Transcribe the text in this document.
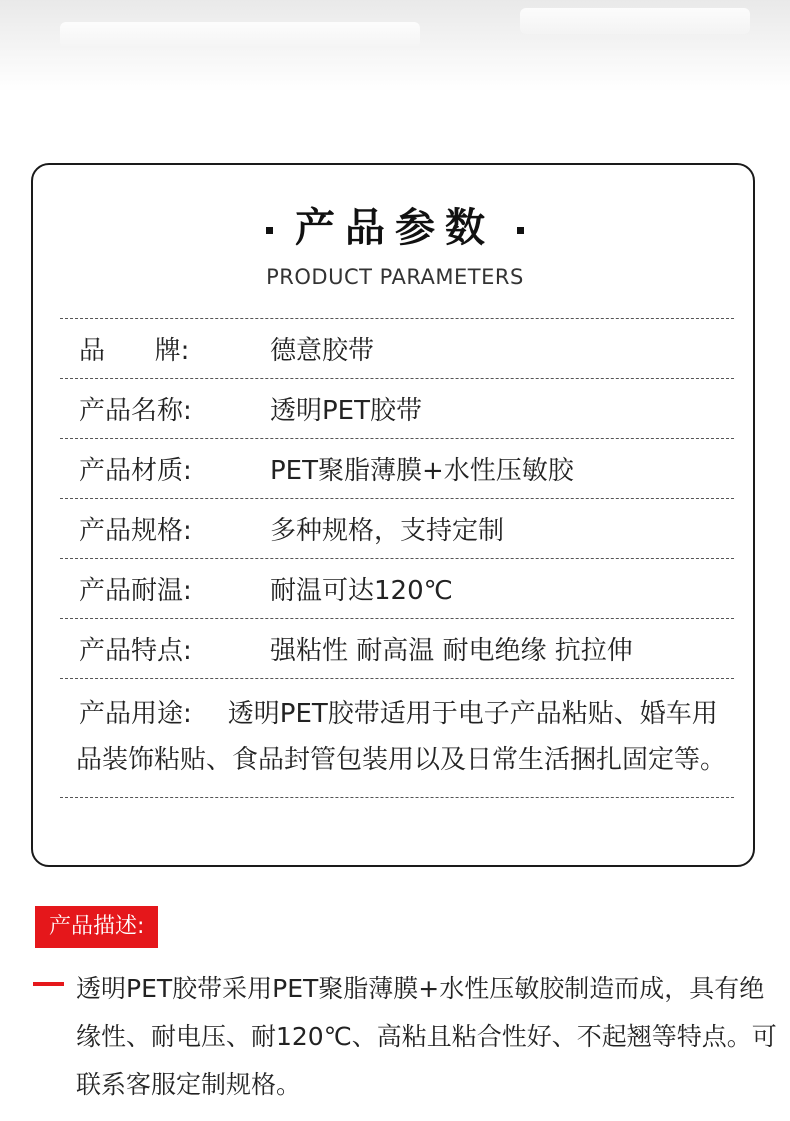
产品参数
PRODUCT PARAMETERS
品      牌:	德意胶带
产品名称:	透明PET胶带
产品材质:	PET聚脂薄膜+水性压敏胶
产品规格:	多种规格，支持定制
产品耐温:	耐温可达120℃
产品特点:	强粘性 耐高温 耐电绝缘 抗拉伸
产品用途: 透明PET胶带适用于电子产品粘贴、婚车用品装饰粘贴、食品封管包装用以及日常生活捆扎固定等。
产品描述:
透明PET胶带采用PET聚脂薄膜+水性压敏胶制造而成，具有绝缘性、耐电压、耐120℃、高粘且粘合性好、不起翘等特点。可联系客服定制规格。
